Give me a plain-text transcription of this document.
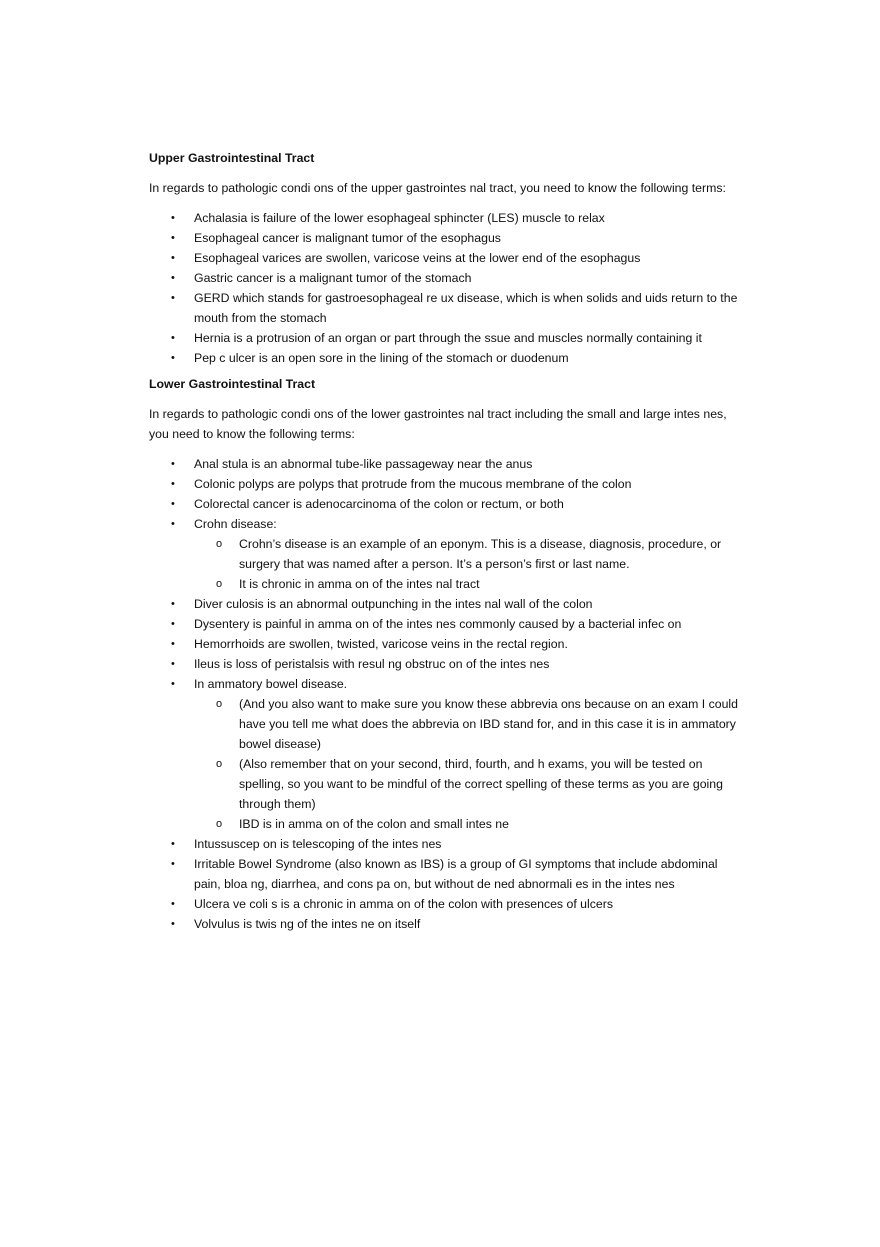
Upper Gastrointestinal Tract

In regards to pathologic condi ons of the upper gastrointes nal tract, you need to know the following terms:

• Achalasia is failure of the lower esophageal sphincter (LES) muscle to relax
• Esophageal cancer is malignant tumor of the esophagus
• Esophageal varices are swollen, varicose veins at the lower end of the esophagus
• Gastric cancer is a malignant tumor of the stomach
• GERD which stands for gastroesophageal re ux disease, which is when solids and uids return to the mouth from the stomach
• Hernia is a protrusion of an organ or part through the ssue and muscles normally containing it
• Pep c ulcer is an open sore in the lining of the stomach or duodenum

Lower Gastrointestinal Tract

In regards to pathologic condi ons of the lower gastrointes nal tract including the small and large intes nes, you need to know the following terms:

• Anal stula is an abnormal tube-like passageway near the anus
• Colonic polyps are polyps that protrude from the mucous membrane of the colon
• Colorectal cancer is adenocarcinoma of the colon or rectum, or both
• Crohn disease:
o Crohn’s disease is an example of an eponym. This is a disease, diagnosis, procedure, or surgery that was named after a person. It’s a person’s first or last name.
o It is chronic in amma on of the intes nal tract
• Diver culosis is an abnormal outpunching in the intes nal wall of the colon
• Dysentery is painful in amma on of the intes nes commonly caused by a bacterial infec on
• Hemorrhoids are swollen, twisted, varicose veins in the rectal region.
• Ileus is loss of peristalsis with resul ng obstruc on of the intes nes
• In ammatory bowel disease.
o (And you also want to make sure you know these abbrevia ons because on an exam I could have you tell me what does the abbrevia on IBD stand for, and in this case it is in ammatory bowel disease)
o (Also remember that on your second, third, fourth, and h exams, you will be tested on spelling, so you want to be mindful of the correct spelling of these terms as you are going through them)
o IBD is in amma on of the colon and small intes ne
• Intussuscep on is telescoping of the intes nes
• Irritable Bowel Syndrome (also known as IBS) is a group of GI symptoms that include abdominal pain, bloa ng, diarrhea, and cons pa on, but without de ned abnormali es in the intes nes
• Ulcera ve coli s is a chronic in amma on of the colon with presences of ulcers
• Volvulus is twis ng of the intes ne on itself
